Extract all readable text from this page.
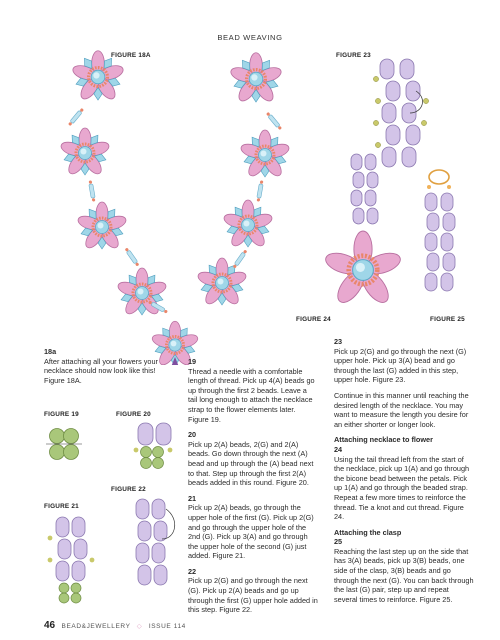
BEAD WEAVING
FIGURE 18A	FIGURE 23
FIGURE 24	FIGURE 25
FIGURE 19	FIGURE 20
FIGURE 22
FIGURE 21
18a
After attaching all your flowers your necklace should now look like this! Figure 18A.

19
Thread a needle with a comfortable length of thread. Pick up 4(A) beads go up through the first 2 beads. Leave a tail long enough to attach the necklace strap to the flower elements later. Figure 19.

20
Pick up 2(A) beads, 2(G) and 2(A) beads. Go down through the next (A) bead and up through the (A) bead next to that. Step up through the first 2(A) beads added in this round. Figure 20.

21
Pick up 2(A) beads, go through the upper hole of the first (G). Pick up 2(G) and go through the upper hole of the 2nd (G). Pick up 3(A) and go through the upper hole of the second (G) just added. Figure 21.

22
Pick up 2(G) and go through the next (G). Pick up 2(A) beads and go up through the first (G) upper hole added in this step. Figure 22.

23
Pick up 2(G) and go through the next (G) upper hole. Pick up 3(A) bead and go through the last (G) added in this step, upper hole. Figure 23.

Continue in this manner until reaching the desired length of the necklace. You may want to measure the length you desire for an either shorter or longer look.

Attaching necklace to flower
24
Using the tail thread left from the start of the necklace, pick up 1(A) and go through the bicone bead between the petals. Pick up 1(A) and go through the beaded strap. Repeat a few more times to reinforce the thread. Tie a knot and cut thread. Figure 24.

Attaching the clasp
25
Reaching the last step up on the side that has 3(A) beads, pick up 3(B) beads, one side of the clasp, 3(B) beads and go through the next (G). You can back through the last (G) pair, step up and repeat several times to reinforce. Figure 25.

46 BEAD&JEWELLERY ◇ ISSUE 114
